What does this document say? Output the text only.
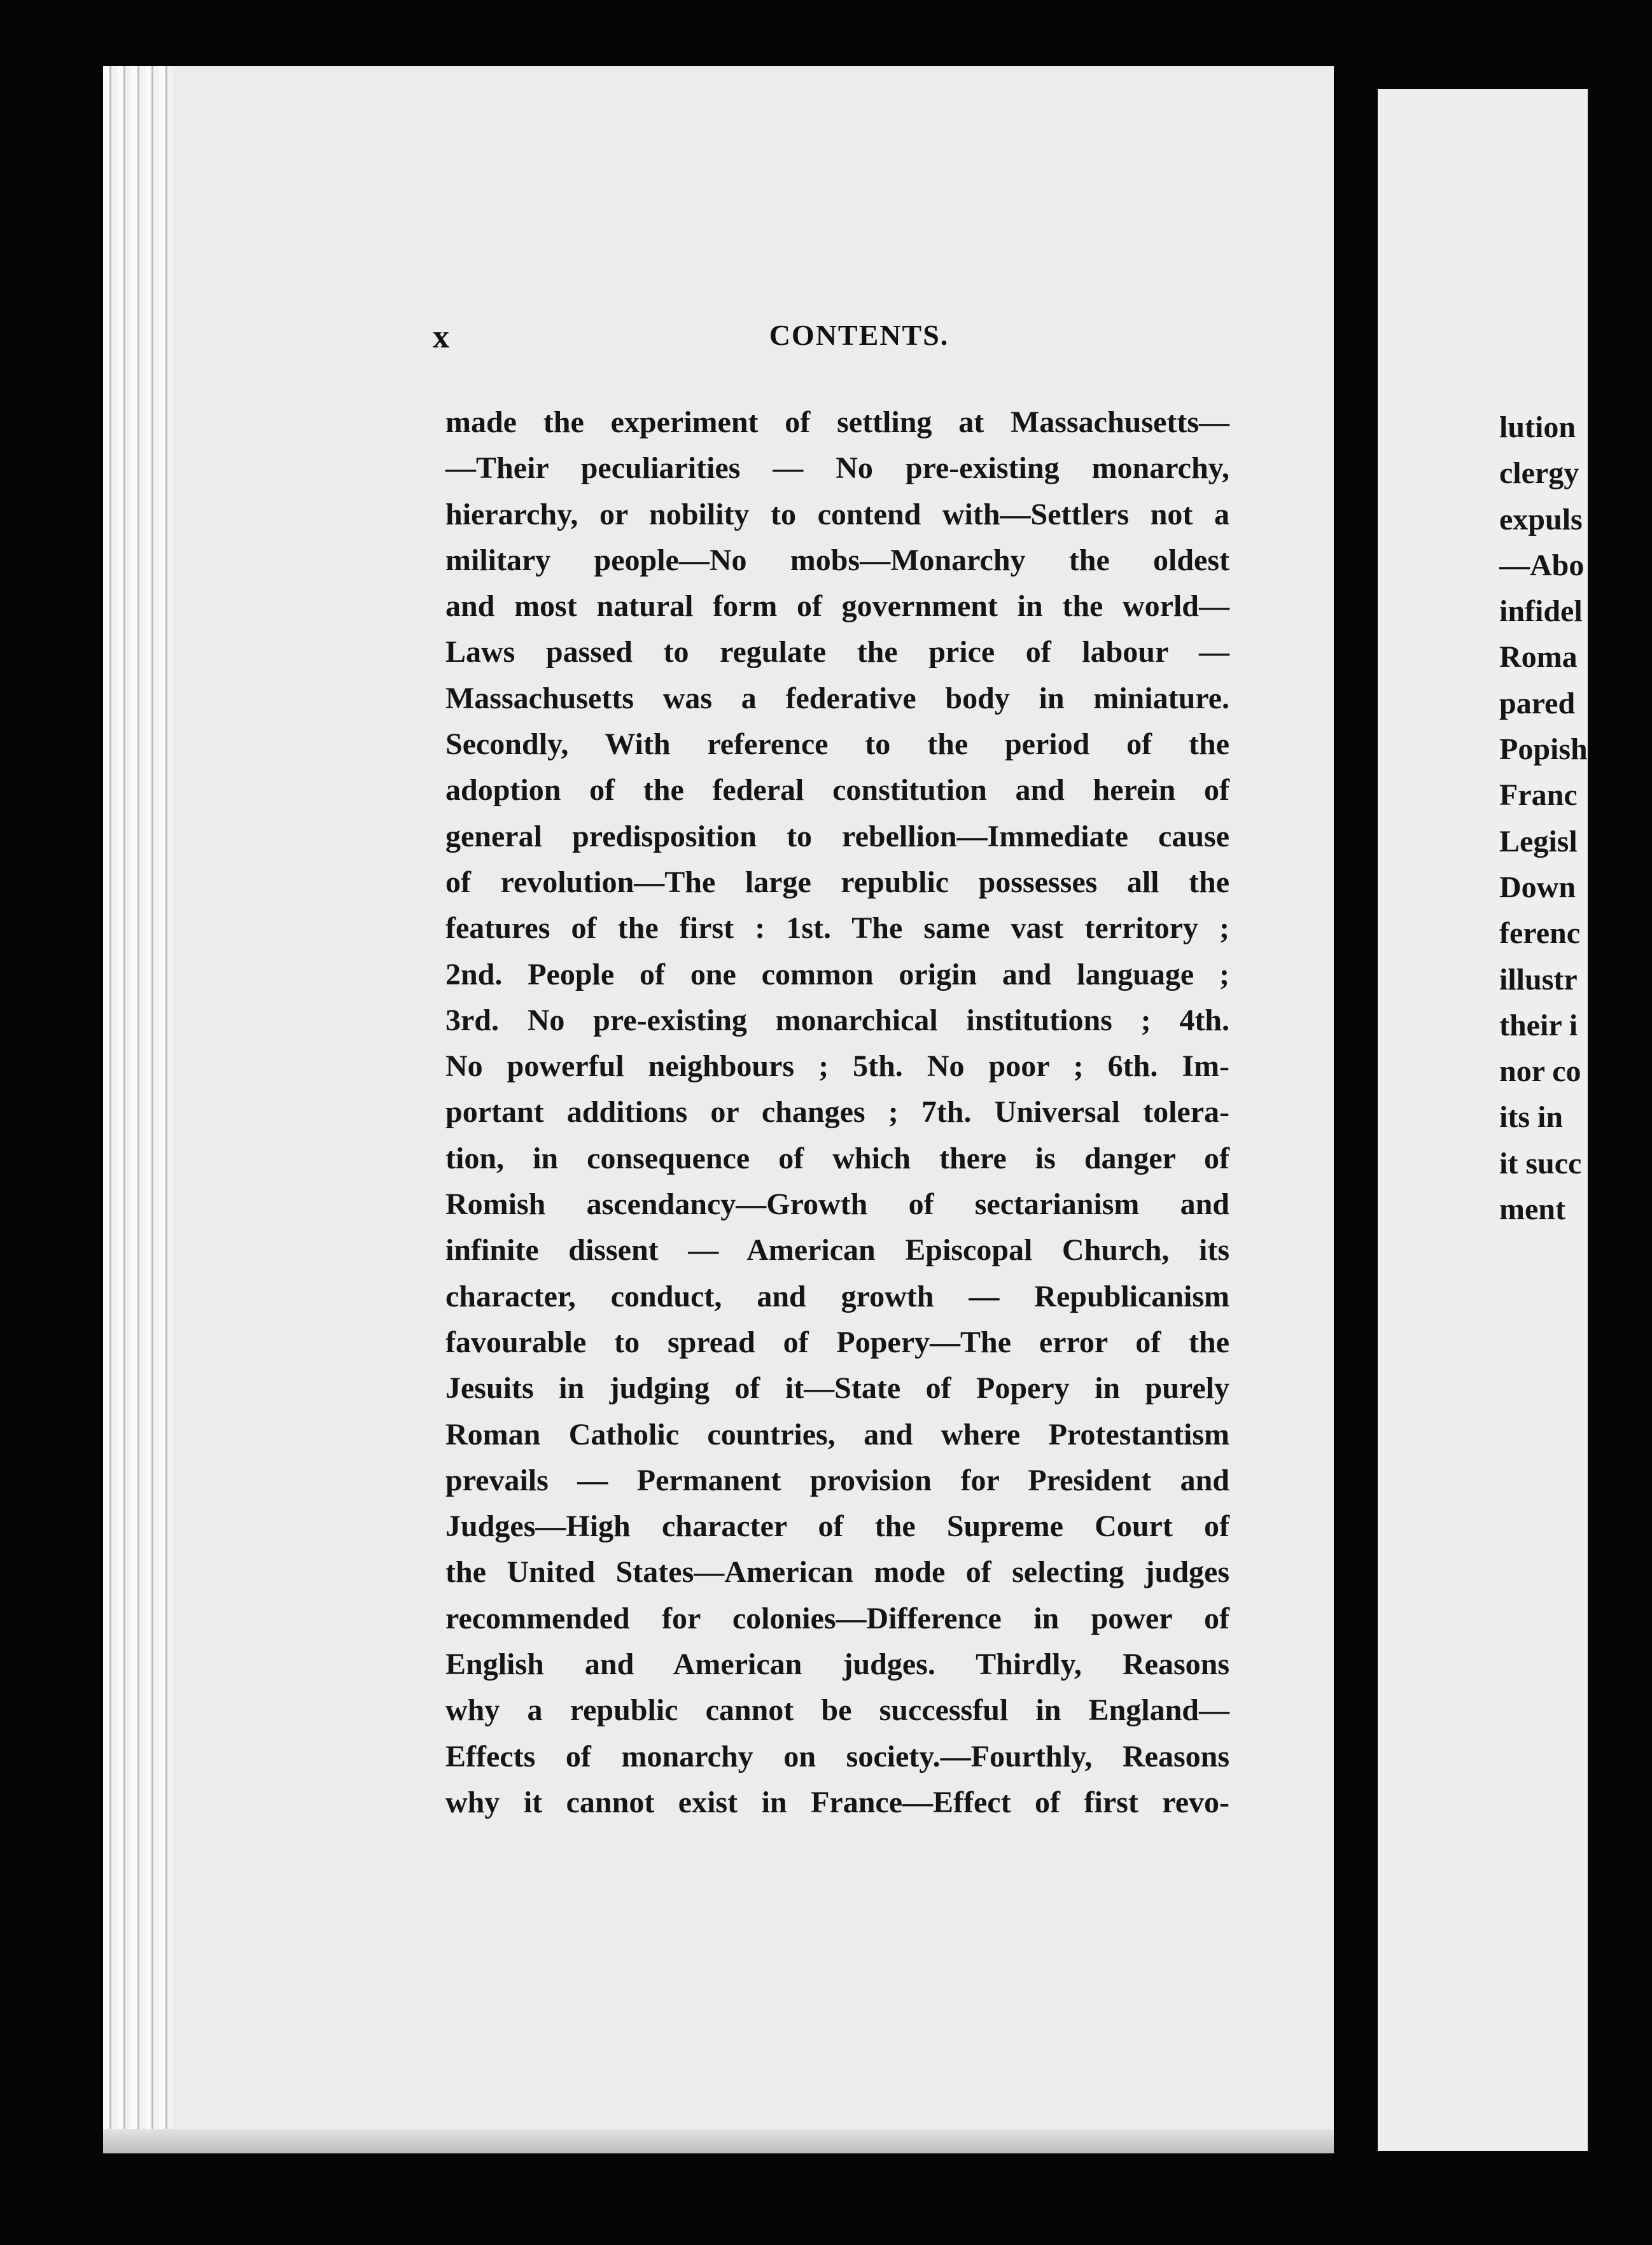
x	CONTENTS.
made the experiment of settling at Massachusetts—
—Their peculiarities — No pre-existing monarchy,
hierarchy, or nobility to contend with—Settlers not a
military people—No mobs—Monarchy the oldest
and most natural form of government in the world—
Laws passed to regulate the price of labour —
Massachusetts was a federative body in miniature.
Secondly, With reference to the period of the
adoption of the federal constitution and herein of
general predisposition to rebellion—Immediate cause
of revolution—The large republic possesses all the
features of the first : 1st. The same vast territory ;
2nd. People of one common origin and language ;
3rd. No pre-existing monarchical institutions ; 4th.
No powerful neighbours ; 5th. No poor ; 6th. Im-
portant additions or changes ; 7th. Universal tolera-
tion, in consequence of which there is danger of
Romish ascendancy—Growth of sectarianism and
infinite dissent — American Episcopal Church, its
character, conduct, and growth — Republicanism
favourable to spread of Popery—The error of the
Jesuits in judging of it—State of Popery in purely
Roman Catholic countries, and where Protestantism
prevails — Permanent provision for President and
Judges—High character of the Supreme Court of
the United States—American mode of selecting judges
recommended for colonies—Difference in power of
English and American judges. Thirdly, Reasons
why a republic cannot be successful in England—
Effects of monarchy on society.—Fourthly, Reasons
why it cannot exist in France—Effect of first revo-
lution
clergy
expuls
—Abo
infidel
Roma
pared
Popish
Franc
Legisl
Down
ferenc
illustr
their i
nor co
its in
it succ
ment
